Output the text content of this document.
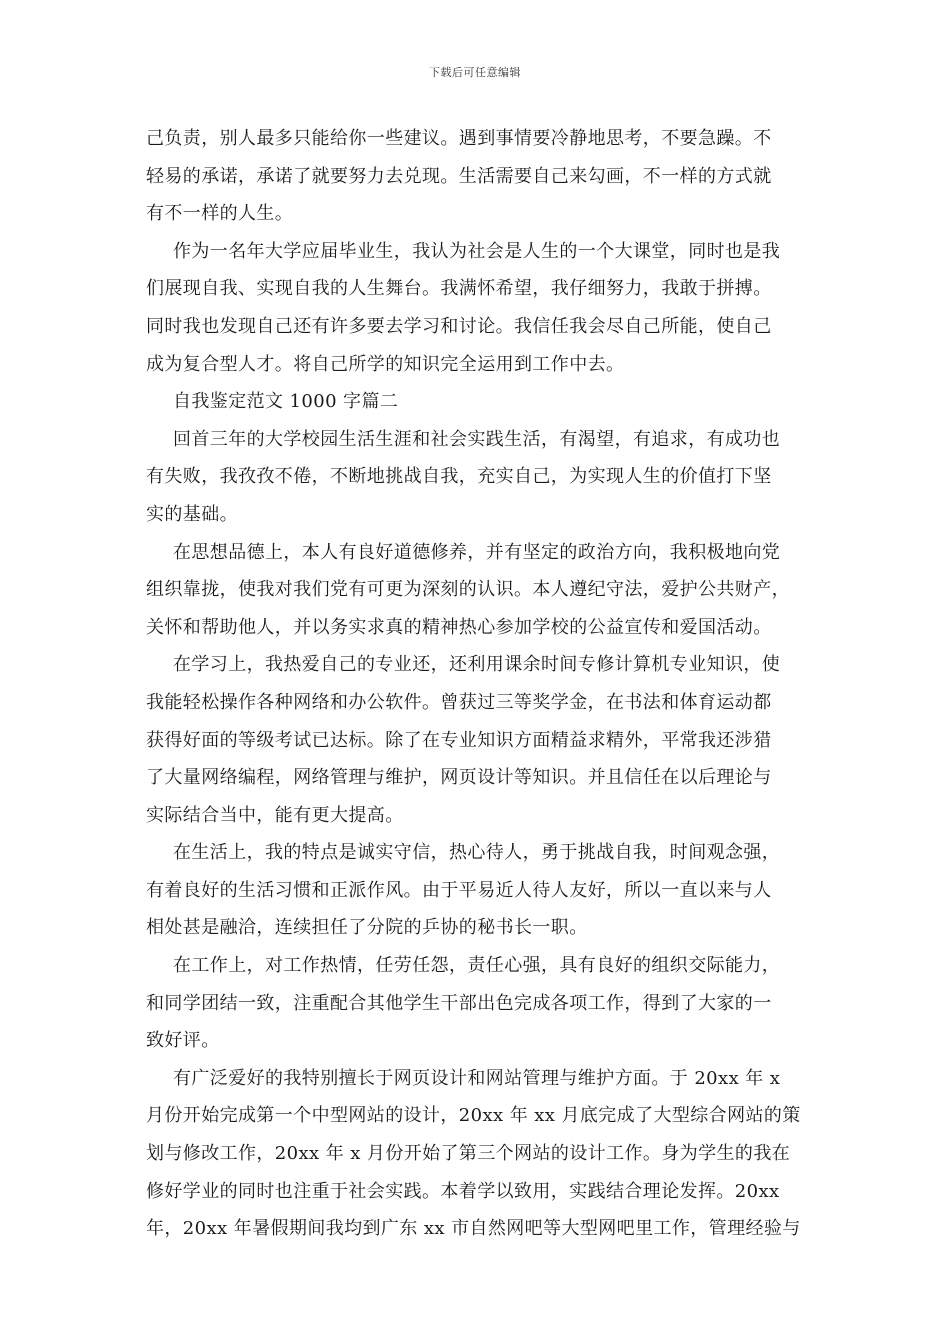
下载后可任意编辑
己负责，别人最多只能给你一些建议。遇到事情要冷静地思考，不要急躁。不
轻易的承诺，承诺了就要努力去兑现。生活需要自己来勾画，不一样的方式就
有不一样的人生。
作为一名年大学应届毕业生，我认为社会是人生的一个大课堂，同时也是我
们展现自我、实现自我的人生舞台。我满怀希望，我仔细努力，我敢于拼搏。
同时我也发现自己还有许多要去学习和讨论。我信任我会尽自己所能，使自己
成为复合型人才。将自己所学的知识完全运用到工作中去。
自我鉴定范文 1000 字篇二
回首三年的大学校园生活生涯和社会实践生活，有渴望，有追求，有成功也
有失败，我孜孜不倦，不断地挑战自我，充实自己，为实现人生的价值打下坚
实的基础。
在思想品德上，本人有良好道德修养，并有坚定的政治方向，我积极地向党
组织靠拢，使我对我们党有可更为深刻的认识。本人遵纪守法，爱护公共财产，
关怀和帮助他人，并以务实求真的精神热心参加学校的公益宣传和爱国活动。
在学习上，我热爱自己的专业还，还利用课余时间专修计算机专业知识，使
我能轻松操作各种网络和办公软件。曾获过三等奖学金，在书法和体育运动都
获得好面的等级考试已达标。除了在专业知识方面精益求精外，平常我还涉猎
了大量网络编程，网络管理与维护，网页设计等知识。并且信任在以后理论与
实际结合当中，能有更大提高。
在生活上，我的特点是诚实守信，热心待人，勇于挑战自我，时间观念强，
有着良好的生活习惯和正派作风。由于平易近人待人友好，所以一直以来与人
相处甚是融洽，连续担任了分院的乒协的秘书长一职。
在工作上，对工作热情，任劳任怨，责任心强，具有良好的组织交际能力，
和同学团结一致，注重配合其他学生干部出色完成各项工作，得到了大家的一
致好评。
有广泛爱好的我特别擅长于网页设计和网站管理与维护方面。于 20xx 年 x
月份开始完成第一个中型网站的设计，20xx 年 xx 月底完成了大型综合网站的策
划与修改工作，20xx 年 x 月份开始了第三个网站的设计工作。身为学生的我在
修好学业的同时也注重于社会实践。本着学以致用，实践结合理论发挥。20xx
年，20xx 年暑假期间我均到广东 xx 市自然网吧等大型网吧里工作，管理经验与
